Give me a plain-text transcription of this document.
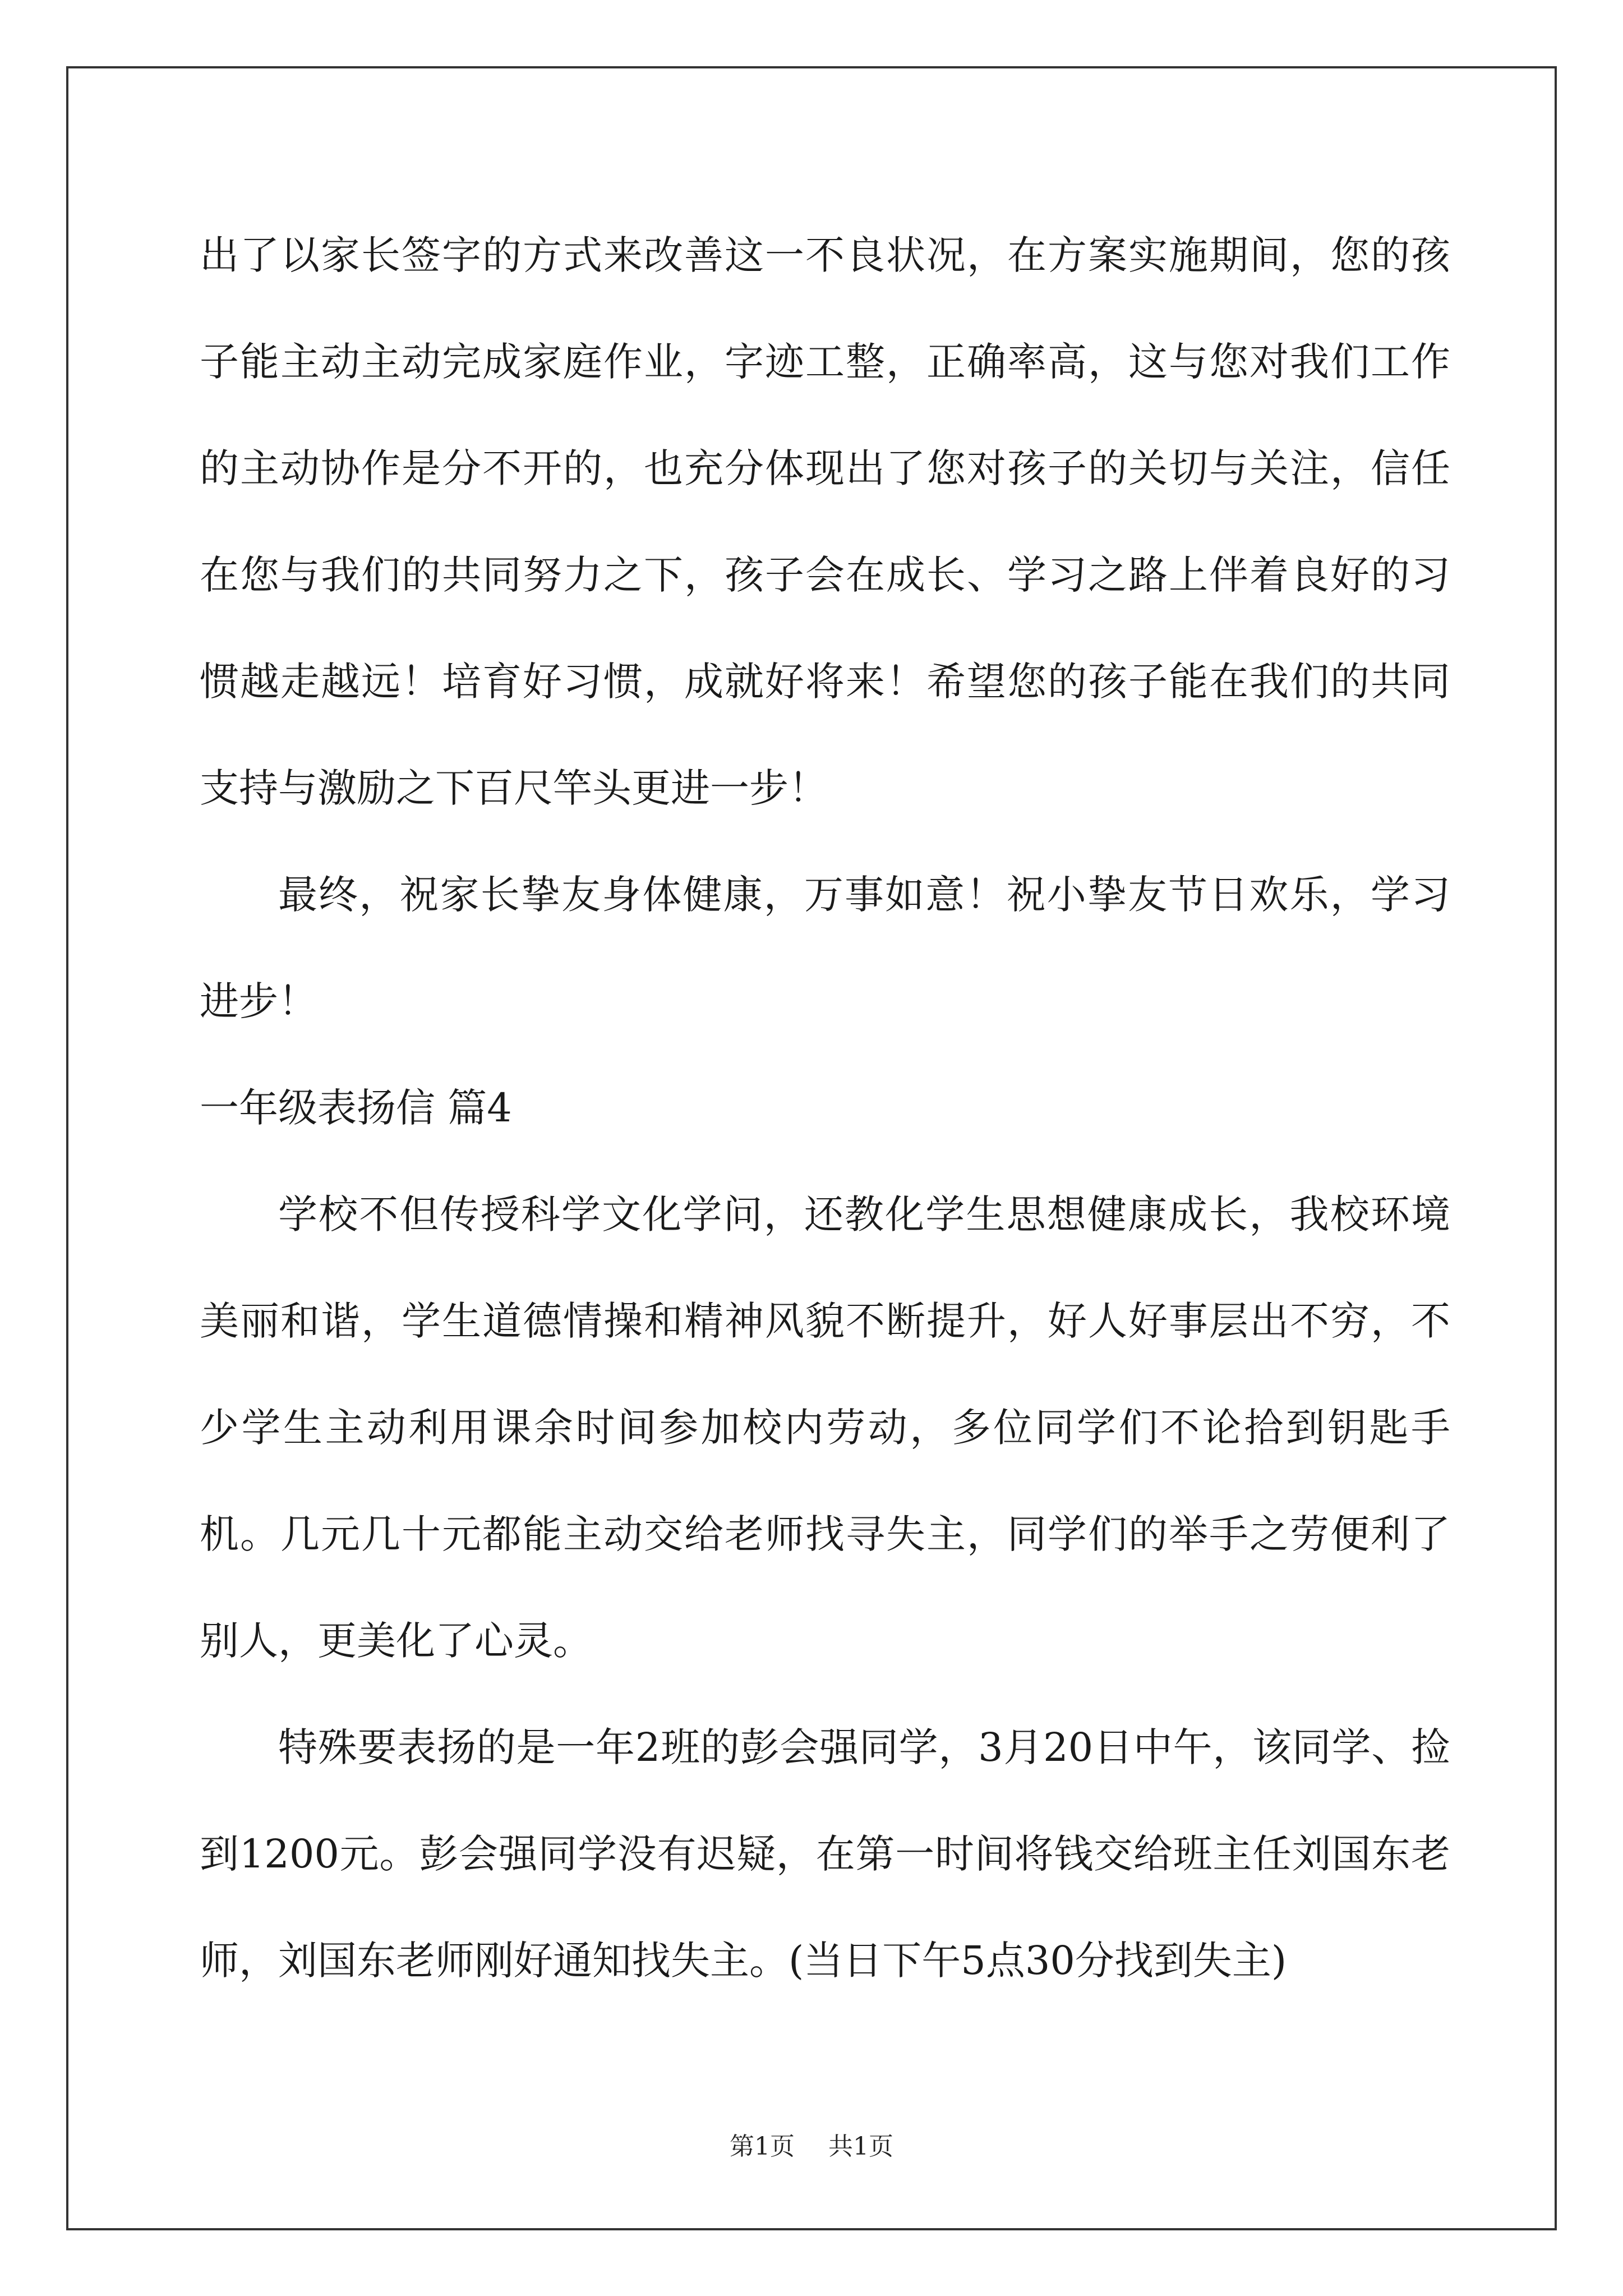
出了以家长签字的方式来改善这一不良状况，在方案实施期间，您的孩子能主动主动完成家庭作业，字迹工整，正确率高，这与您对我们工作的主动协作是分不开的，也充分体现出了您对孩子的关切与关注，信任在您与我们的共同努力之下，孩子会在成长、学习之路上伴着良好的习惯越走越远！培育好习惯，成就好将来！希望您的孩子能在我们的共同支持与激励之下百尺竿头更进一步！

最终，祝家长挚友身体健康，万事如意！祝小挚友节日欢乐，学习进步！

一年级表扬信 篇4

学校不但传授科学文化学问，还教化学生思想健康成长，我校环境美丽和谐，学生道德情操和精神风貌不断提升，好人好事层出不穷，不少学生主动利用课余时间参加校内劳动，多位同学们不论拾到钥匙手机。几元几十元都能主动交给老师找寻失主，同学们的举手之劳便利了别人，更美化了心灵。

特殊要表扬的是一年2班的彭会强同学，3月20日中午，该同学、捡到1200元。彭会强同学没有迟疑，在第一时间将钱交给班主任刘国东老师，刘国东老师刚好通知找失主。(当日下午5点30分找到失主)

第1页 共1页
